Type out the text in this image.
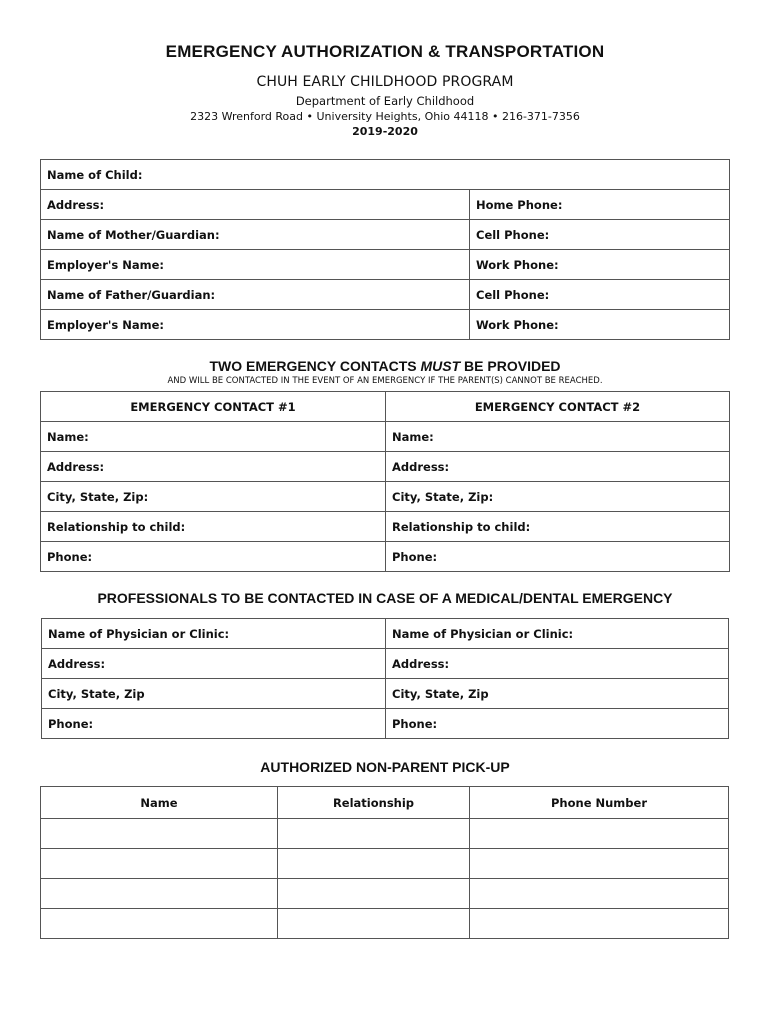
EMERGENCY AUTHORIZATION & TRANSPORTATION
CHUH EARLY CHILDHOOD PROGRAM
Department of Early Childhood
2323 Wrenford Road • University Heights, Ohio 44118 • 216-371-7356
2019-2020
Name of Child:	
Address:	Home Phone:
Name of Mother/Guardian:	Cell Phone:
Employer's Name:	Work Phone:
Name of Father/Guardian:	Cell Phone:
Employer's Name:	Work Phone:
TWO EMERGENCY CONTACTS MUST BE PROVIDED
AND WILL BE CONTACTED IN THE EVENT OF AN EMERGENCY IF THE PARENT(S) CANNOT BE REACHED.
EMERGENCY CONTACT #1	EMERGENCY CONTACT #2
Name:	Name:
Address:	Address:
City, State, Zip:	City, State, Zip:
Relationship to child:	Relationship to child:
Phone:	Phone:
PROFESSIONALS TO BE CONTACTED IN CASE OF A MEDICAL/DENTAL EMERGENCY
Name of Physician or Clinic:	Name of Physician or Clinic:
Address:	Address:
City, State, Zip	City, State, Zip
Phone:	Phone:
AUTHORIZED NON-PARENT PICK-UP
Name	Relationship	Phone Number
